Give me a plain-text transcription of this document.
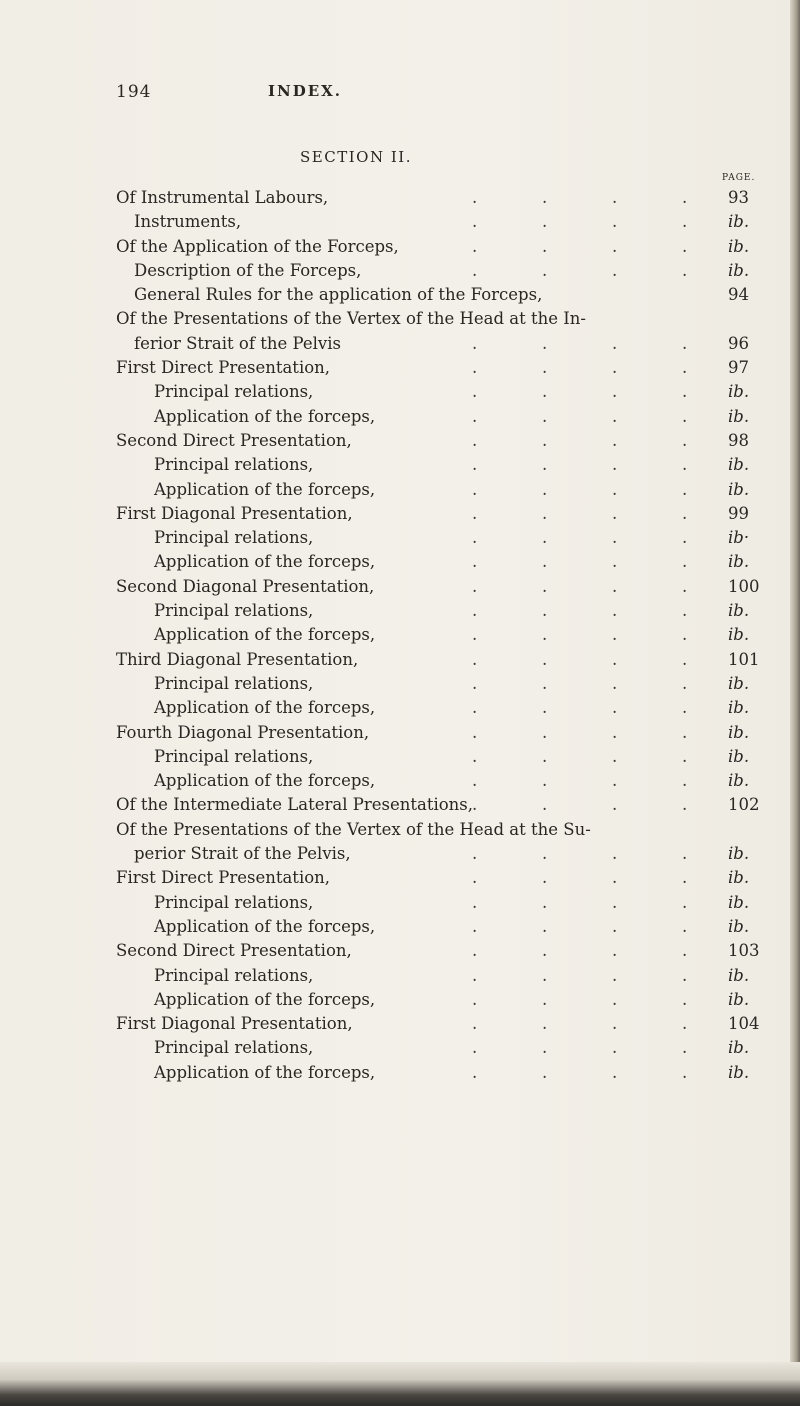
194	INDEX.
SECTION II.
PAGE.
Of Instrumental Labours,	.	.	.	. 93
Instruments,	.	.	.	. ib.
Of the Application of the Forceps,	.	.	.	. ib.
Description of the Forceps,	.	.	.	. ib.
General Rules for the application of the Forceps,	94
Of the Presentations of the Vertex of the Head at the In-
ferior Strait of the Pelvis	.	.	.	. 96
First Direct Presentation,	.	.	.	. 97
Principal relations,	.	.	.	. ib.
Application of the forceps,	.	.	.	. ib.
Second Direct Presentation,	.	.	.	. 98
Principal relations,	.	.	.	. ib.
Application of the forceps,	.	.	.	. ib.
First Diagonal Presentation,	.	.	.	. 99
Principal relations,	.	.	.	. ib·
Application of the forceps,	.	.	.	. ib.
Second Diagonal Presentation,	.	.	.	. 100
Principal relations,	.	.	.	. ib.
Application of the forceps,	.	.	.	. ib.
Third Diagonal Presentation,	.	.	.	. 101
Principal relations,	.	.	.	. ib.
Application of the forceps,	.	.	.	. ib.
Fourth Diagonal Presentation,	.	.	.	. ib.
Principal relations,	.	.	.	. ib.
Application of the forceps,	.	.	.	. ib.
Of the Intermediate Lateral Presentations, .	.	.	. 102
Of the Presentations of the Vertex of the Head at the Su-
perior Strait of the Pelvis,	.	.	.	. ib.
First Direct Presentation,	.	.	.	. ib.
Principal relations,	.	.	.	. ib.
Application of the forceps,	.	.	.	. ib.
Second Direct Presentation,	.	.	.	. 103
Principal relations,	.	.	.	. ib.
Application of the forceps,	.	.	.	. ib.
First Diagonal Presentation,	.	.	.	. 104
Principal relations,	.	.	.	. ib.
Application of the forceps,	.	.	.	. ib.
